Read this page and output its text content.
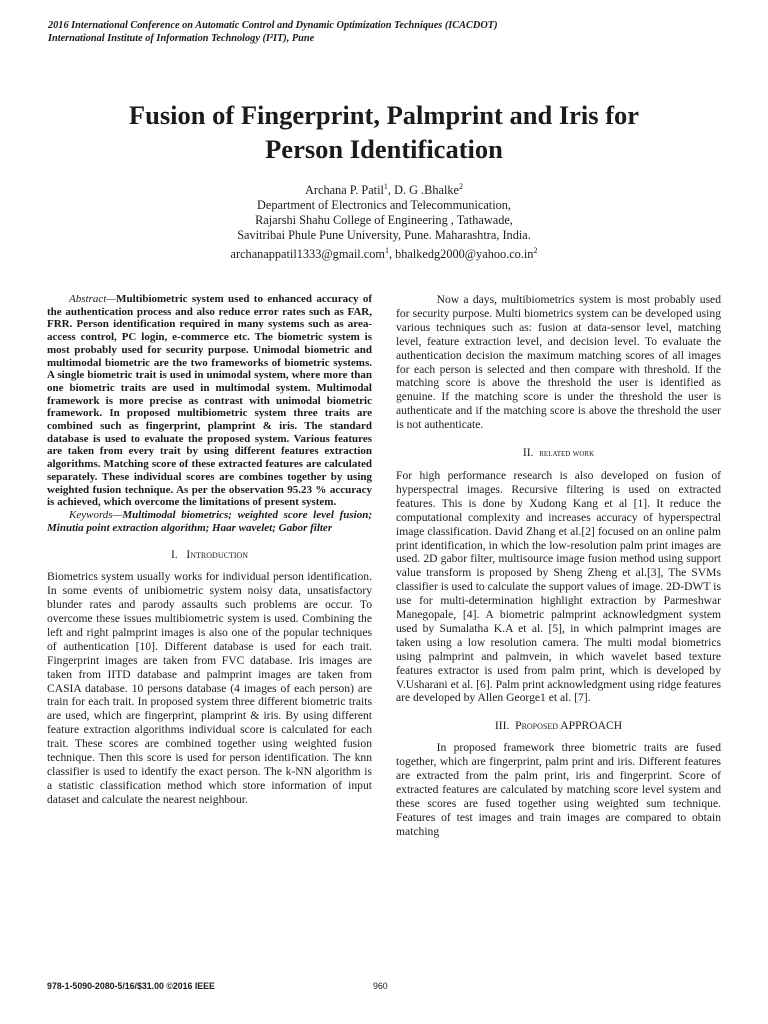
2016 International Conference on Automatic Control and Dynamic Optimization Techniques (ICACDOT)
International Institute of Information Technology (I²IT), Pune
Fusion of Fingerprint, Palmprint and Iris for
Person Identification
Archana P. Patil$^1$, D. G .Bhalke$^2$
Department of Electronics and Telecommunication,
Rajarshi Shahu College of Engineering , Tathawade,
Savitribai Phule Pune University, Pune. Maharashtra, India.
archanappatil1333@gmail.com$^1$, $bhalkedg2000@yahoo.co.in^2$

Abstract—Multibiometric system used to enhanced accuracy of the authentication process and also reduce error rates such as FAR, FRR. Person identification required in many systems such as area-access control, PC login, e-commerce etc. The biometric system is most probably used for security purpose. Unimodal biometric and multimodal biometric are the two frameworks of biometric systems. A single biometric trait is used in unimodal system, where more than one biometric traits are used in multimodal system. Multimodal framework is more precise as contrast with unimodal biometric framework. In proposed multibiometric system three traits are combined such as fingerprint, plamprint & iris. The standard database is used to evaluate the proposed system. Various features are taken from every trait by using different features extraction algorithms. Matching score of these extracted features are calculated separately. These individual scores are combines together by using weighted fusion technique. As per the observation 95.23 % accuracy is achieved, which overcome the limitations of present system.

Keywords—Multimodal biometrics; weighted score level fusion; Minutia point extraction algorithm; Haar wavelet; Gabor filter

I. Introduction

Biometrics system usually works for individual person identification. In some events of unibiometric system noisy data, unsatisfactory blunder rates and parody assaults such problems are occur. To overcome these issues multibiometric system is used. Combining the left and right palmprint images is also one of the popular techniques of authentication [10]. Different database is used for each trait. Fingerprint images are taken from FVC database. Iris images are taken from IITD database and palmprint images are taken from CASIA database. 10 persons database (4 images of each person) are train for each trait. In proposed system three different biometric traits are used, which are fingerprint, plamprint & iris. By using different feature extraction algorithms individual score is calculated for each trait. These scores are combined together using weighted fusion technique. Then this score is used for person identification. The knn classifier is used to identify the exact person. The k-NN algorithm is a statistic classification method which store information of input dataset and calculate the nearest neighbour.

Now a days, multibiometrics system is most probably used for security purpose. Multi biometrics system can be developed using various techniques such as: fusion at data-sensor level, matching level, feature extraction level, and decision level. To evaluate the authentication decision the maximum matching scores of all images for each person is selected and then compare with threshold. If the matching score is above the threshold the user is identified as genuine. If the matching score is under the threshold the user is authenticate and if the matching score is above the threshold the user is not authenticate.

II. related work

For high performance research is also developed on fusion of hyperspectral images. Recursive filtering is used on extracted features. This is done by Xudong Kang et al [1]. It reduce the computational complexity and increases accuracy of hyperspectral image classification. David Zhang et al.[2] focused on an online palm print identification, in which the low-resolution palm print images are used. 2D gabor filter, multisource image fusion method using support value transform is proposed by Sheng Zheng et al.[3], The SVMs classifier is used to calculate the support values of image. 2D-DWT is use for multi-determination highlight extraction by Parmeshwar Manegopale, [4]. A biometric palmprint acknowledgment system used by Sumalatha K.A et al. [5], in which palmprint images are taken using a low resolution camera. The multi modal biometrics using palmprint and palmvein, in which wavelet based texture features extractor is used from palm print, which is developed by V.Usharani et al. [6]. Palm print acknowledgment using ridge features are developed by Allen George1 et al. [7].

III. Proposed APPROACH

In proposed framework three biometric traits are fused together, which are fingerprint, palm print and iris. Different features are extracted from the palm print, iris and fingerprint. Score of extracted features are calculated by matching score level system and these scores are fused together using weighted sum technique. Features of test images and train images are compared to obtain matching

978-1-5090-2080-5/16/$31.00 ©2016 IEEE	960
